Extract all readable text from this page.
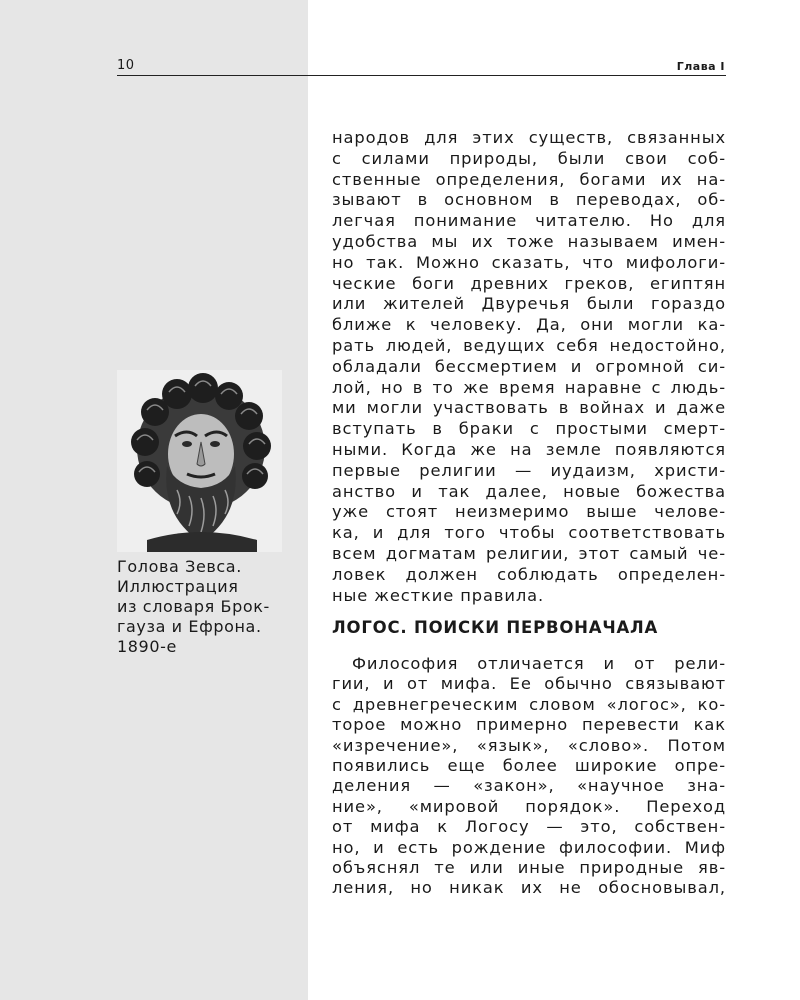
10	Глава I
Голова Зевса.
Иллюстрация
из словаря Брок-
гауза и Ефрона.
1890-е
народов для этих существ, связанных
с силами природы, были свои соб-
ственные определения, богами их на-
зывают в основном в переводах, об-
легчая понимание читателю. Но для
удобства мы их тоже называем имен-
но так. Можно сказать, что мифологи-
ческие боги древних греков, египтян
или жителей Двуречья были гораздо
ближе к человеку. Да, они могли ка-
рать людей, ведущих себя недостойно,
обладали бессмертием и огромной си-
лой, но в то же время наравне с людь-
ми могли участвовать в войнах и даже
вступать в браки с простыми смерт-
ными. Когда же на земле появляются
первые религии — иудаизм, христи-
анство и так далее, новые божества
уже стоят неизмеримо выше челове-
ка, и для того чтобы соответствовать
всем догматам религии, этот самый че-
ловек должен соблюдать определен-
ные жесткие правила.
ЛОГОС. ПОИСКИ ПЕРВОНАЧАЛА
Философия отличается и от рели-
гии, и от мифа. Ее обычно связывают
с древнегреческим словом «логос», ко-
торое можно примерно перевести как
«изречение», «язык», «слово». Потом
появились еще более широкие опре-
деления — «закон», «научное зна-
ние», «мировой порядок». Переход
от мифа к Логосу — это, собствен-
но, и есть рождение философии. Миф
объяснял те или иные природные яв-
ления, но никак их не обосновывал,
